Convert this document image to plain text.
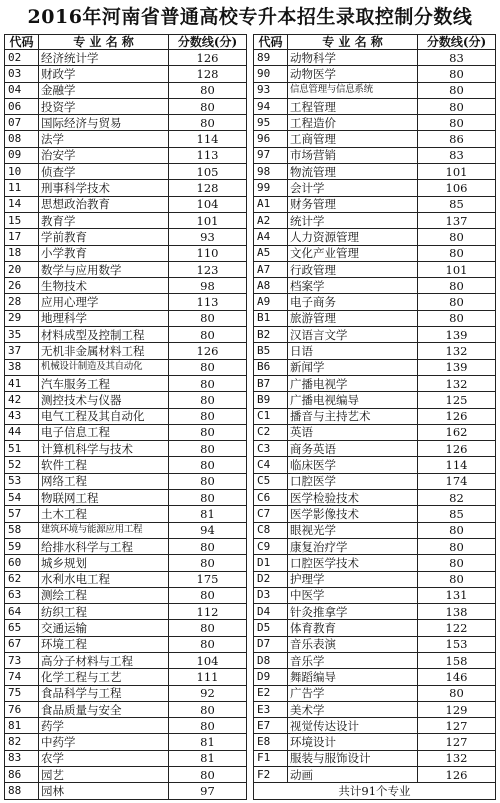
2016年河南省普通高校专升本招生录取控制分数线
代码	专 业 名 称	分数线(分)
02	经济统计学	126
03	财政学	128
04	金融学	80
06	投资学	80
07	国际经济与贸易	80
08	法学	114
09	治安学	113
10	侦查学	105
11	刑事科学技术	128
14	思想政治教育	104
15	教育学	101
17	学前教育	93
18	小学教育	110
20	数学与应用数学	123
26	生物技术	98
28	应用心理学	113
29	地理科学	80
35	材料成型及控制工程	80
37	无机非金属材料工程	126
38	机械设计制造及其自动化	80
41	汽车服务工程	80
42	测控技术与仪器	80
43	电气工程及其自动化	80
44	电子信息工程	80
51	计算机科学与技术	80
52	软件工程	80
53	网络工程	80
54	物联网工程	80
57	土木工程	81
58	建筑环境与能源应用工程	94
59	给排水科学与工程	80
60	城乡规划	80
62	水利水电工程	175
63	测绘工程	80
64	纺织工程	112
65	交通运输	80
67	环境工程	80
73	高分子材料与工程	104
74	化学工程与工艺	111
75	食品科学与工程	92
76	食品质量与安全	80
81	药学	80
82	中药学	81
83	农学	81
86	园艺	80
88	园林	97
代码	专 业 名 称	分数线(分)
89	动物科学	83
90	动物医学	80
93	信息管理与信息系统	80
94	工程管理	80
95	工程造价	80
96	工商管理	86
97	市场营销	83
98	物流管理	101
99	会计学	106
A1	财务管理	85
A2	统计学	137
A4	人力资源管理	80
A5	文化产业管理	80
A7	行政管理	101
A8	档案学	80
A9	电子商务	80
B1	旅游管理	80
B2	汉语言文学	139
B5	日语	132
B6	新闻学	139
B7	广播电视学	132
B9	广播电视编导	125
C1	播音与主持艺术	126
C2	英语	162
C3	商务英语	126
C4	临床医学	114
C5	口腔医学	174
C6	医学检验技术	82
C7	医学影像技术	85
C8	眼视光学	80
C9	康复治疗学	80
D1	口腔医学技术	80
D2	护理学	80
D3	中医学	131
D4	针灸推拿学	138
D5	体育教育	122
D7	音乐表演	153
D8	音乐学	158
D9	舞蹈编导	146
E2	广告学	80
E3	美术学	129
E7	视觉传达设计	127
E8	环境设计	127
F1	服装与服饰设计	132
F2	动画	126
共计91个专业		
